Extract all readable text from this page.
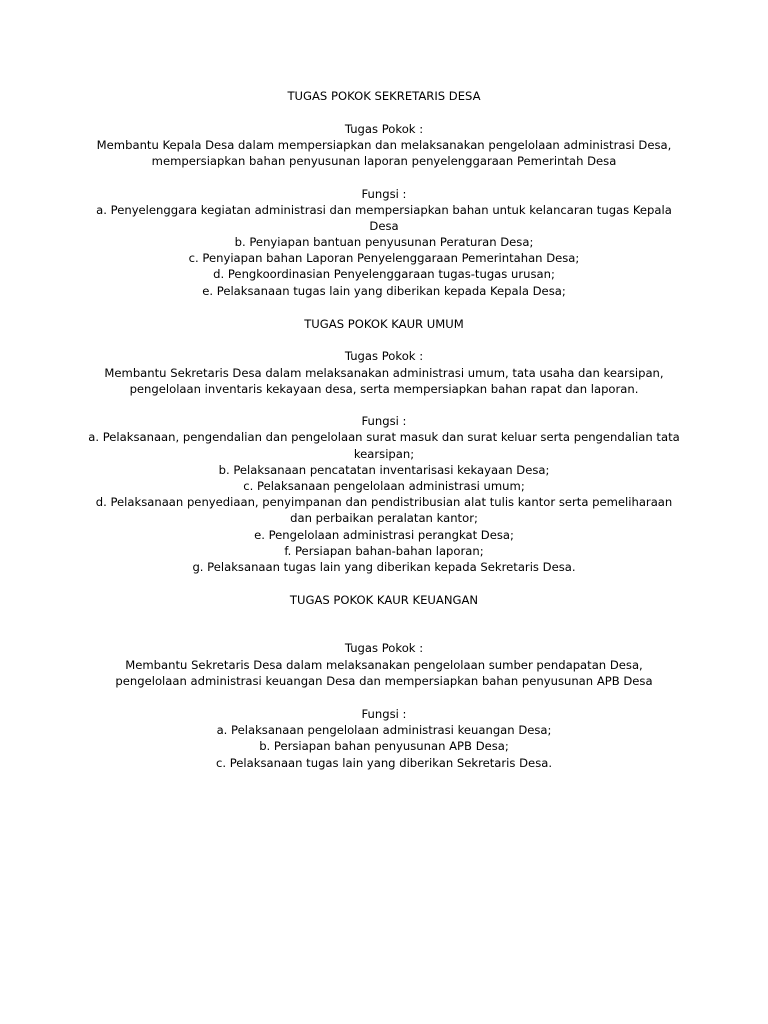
TUGAS POKOK SEKRETARIS DESA
Tugas Pokok :
Membantu Kepala Desa dalam mempersiapkan dan melaksanakan pengelolaan administrasi Desa,
mempersiapkan bahan penyusunan laporan penyelenggaraan Pemerintah Desa
Fungsi :
a. Penyelenggara kegiatan administrasi dan mempersiapkan bahan untuk kelancaran tugas Kepala
Desa
b. Penyiapan bantuan penyusunan Peraturan Desa;
c. Penyiapan bahan Laporan Penyelenggaraan Pemerintahan Desa;
d. Pengkoordinasian Penyelenggaraan tugas-tugas urusan;
e. Pelaksanaan tugas lain yang diberikan kepada Kepala Desa;
TUGAS POKOK KAUR UMUM
Tugas Pokok :
Membantu Sekretaris Desa dalam melaksanakan administrasi umum, tata usaha dan kearsipan,
pengelolaan inventaris kekayaan desa, serta mempersiapkan bahan rapat dan laporan.
Fungsi :
a. Pelaksanaan, pengendalian dan pengelolaan surat masuk dan surat keluar serta pengendalian tata
kearsipan;
b. Pelaksanaan pencatatan inventarisasi kekayaan Desa;
c. Pelaksanaan pengelolaan administrasi umum;
d. Pelaksanaan penyediaan, penyimpanan dan pendistribusian alat tulis kantor serta pemeliharaan
dan perbaikan peralatan kantor;
e. Pengelolaan administrasi perangkat Desa;
f. Persiapan bahan-bahan laporan;
g. Pelaksanaan tugas lain yang diberikan kepada Sekretaris Desa.
TUGAS POKOK KAUR KEUANGAN
Tugas Pokok :
Membantu Sekretaris Desa dalam melaksanakan pengelolaan sumber pendapatan Desa,
pengelolaan administrasi keuangan Desa dan mempersiapkan bahan penyusunan APB Desa
Fungsi :
a. Pelaksanaan pengelolaan administrasi keuangan Desa;
b. Persiapan bahan penyusunan APB Desa;
c. Pelaksanaan tugas lain yang diberikan Sekretaris Desa.
